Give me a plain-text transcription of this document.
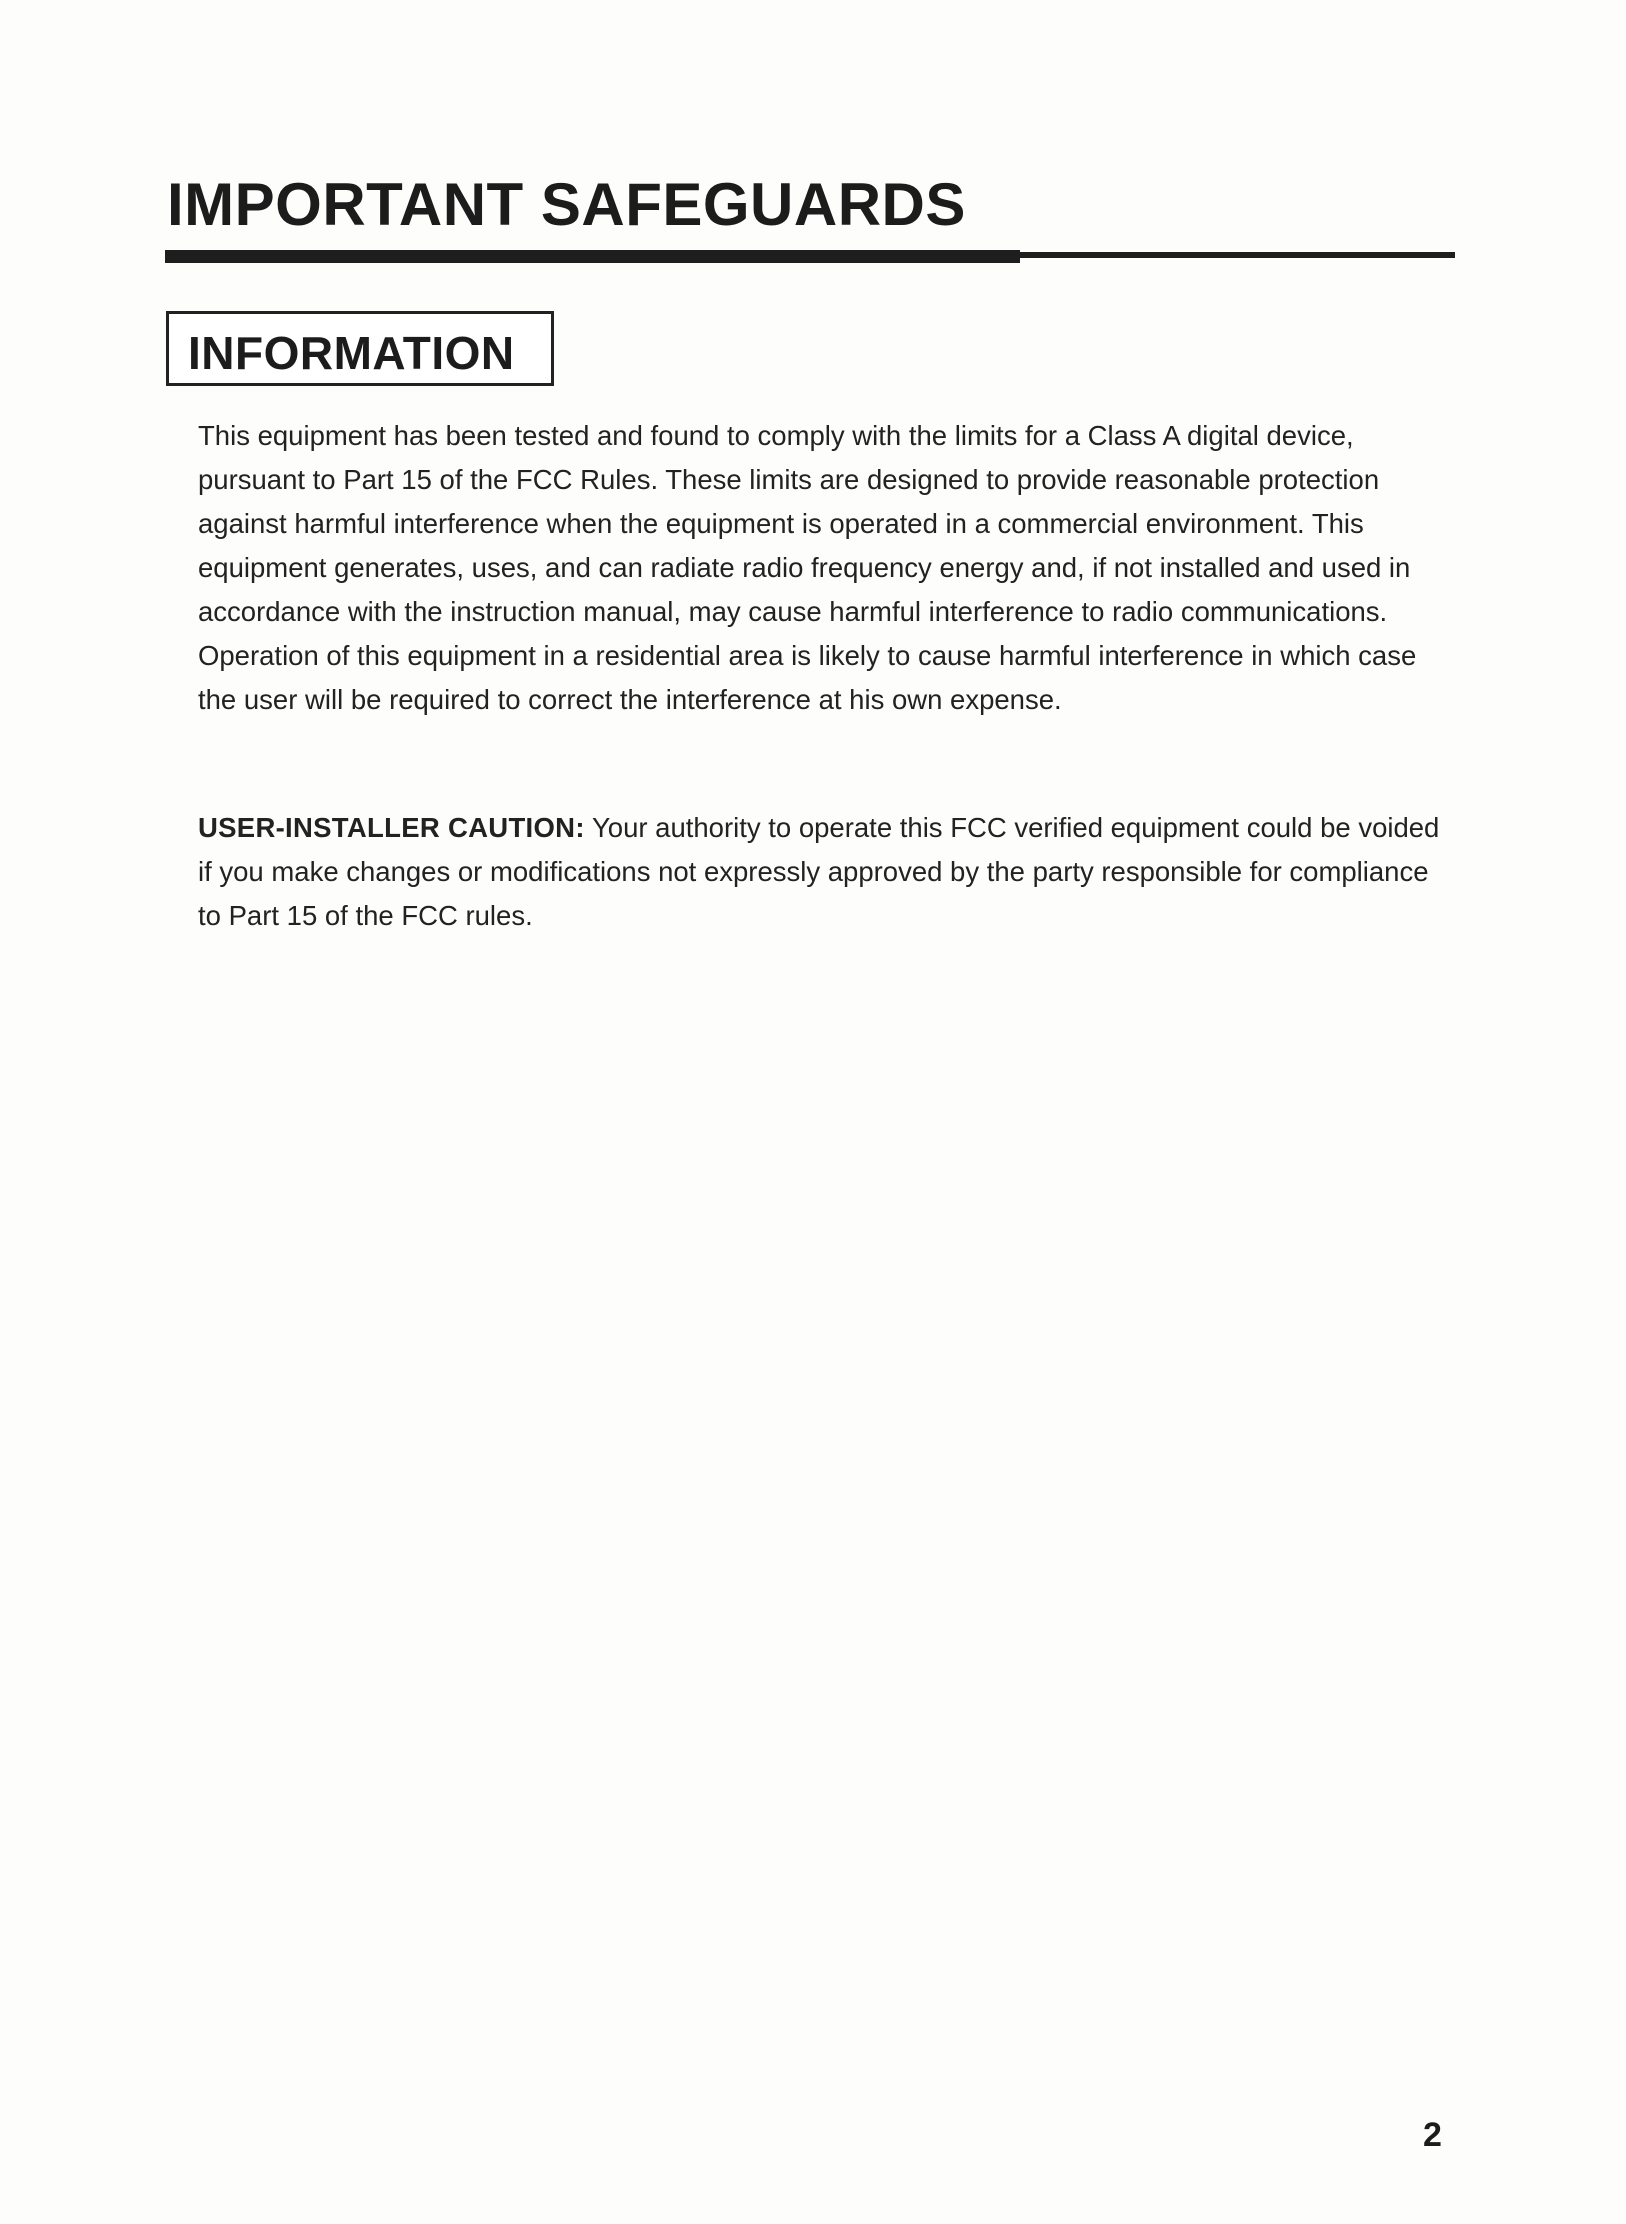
IMPORTANT SAFEGUARDS
INFORMATION

This equipment has been tested and found to comply with the limits for a Class A digital device, pursuant to Part 15 of the FCC Rules. These limits are designed to provide reasonable protection against harmful interference when the equipment is operated in a commercial environment. This equipment generates, uses, and can radiate radio frequency energy and, if not installed and used in accordance with the instruction manual, may cause harmful interference to radio communications. Operation of this equipment in a residential area is likely to cause harmful interference in which case the user will be required to correct the interference at his own expense.

USER-INSTALLER CAUTION: Your authority to operate this FCC verified equipment could be voided if you make changes or modifications not expressly approved by the party responsible for compliance to Part 15 of the FCC rules.

2
